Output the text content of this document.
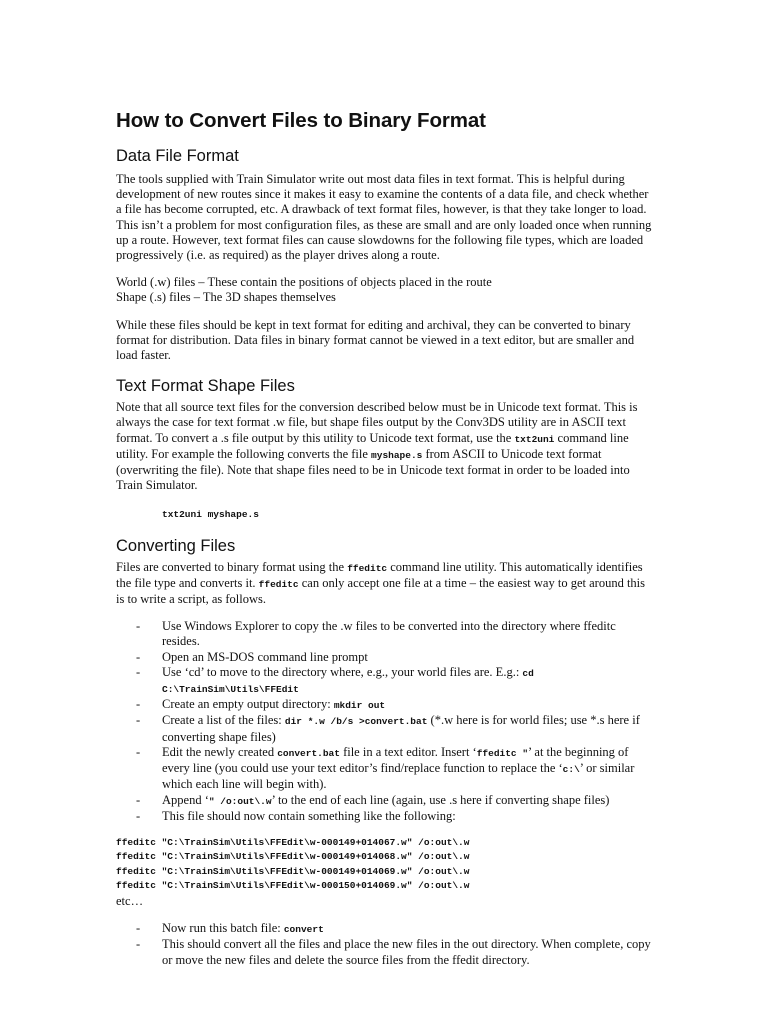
How to Convert Files to Binary Format
Data File Format

The tools supplied with Train Simulator write out most data files in text format. This is helpful during development of new routes since it makes it easy to examine the contents of a data file, and check whether a file has become corrupted, etc. A drawback of text format files, however, is that they take longer to load. This isn’t a problem for most configuration files, as these are small and are only loaded once when running up a route. However, text format files can cause slowdowns for the following file types, which are loaded progressively (i.e. as required) as the player drives along a route.

World (.w) files – These contain the positions of objects placed in the route
Shape (.s) files – The 3D shapes themselves

While these files should be kept in text format for editing and archival, they can be converted to binary format for distribution. Data files in binary format cannot be viewed in a text editor, but are smaller and load faster.

Text Format Shape Files

Note that all source text files for the conversion described below must be in Unicode text format. This is always the case for text format .w file, but shape files output by the Conv3DS utility are in ASCII text format. To convert a .s file output by this utility to Unicode text format, use the txt2uni command line utility. For example the following converts the file myshape.s from ASCII to Unicode text format (overwriting the file). Note that shape files need to be in Unicode text format in order to be loaded into Train Simulator.

txt2uni myshape.s

Converting Files

Files are converted to binary format using the ffeditc command line utility. This automatically identifies the file type and converts it. ffeditc can only accept one file at a time – the easiest way to get around this is to write a script, as follows.

- Use Windows Explorer to copy the .w files to be converted into the directory where ffeditc resides.
- Open an MS-DOS command line prompt
- Use ‘cd’ to move to the directory where, e.g., your world files are. E.g.: cd C:\TrainSim\Utils\FFEdit
- Create an empty output directory: mkdir out
- Create a list of the files: dir *.w /b/s >convert.bat (*.w here is for world files; use *.s here if converting shape files)
- Edit the newly created convert.bat file in a text editor. Insert ‘ffeditc "’ at the beginning of every line (you could use your text editor’s find/replace function to replace the ‘c:\’ or similar which each line will begin with).
- Append ‘" /o:out\.w’ to the end of each line (again, use .s here if converting shape files)
- This file should now contain something like the following:
ffeditc "C:\TrainSim\Utils\FFEdit\w-000149+014067.w" /o:out\.w
ffeditc "C:\TrainSim\Utils\FFEdit\w-000149+014068.w" /o:out\.w
ffeditc "C:\TrainSim\Utils\FFEdit\w-000149+014069.w" /o:out\.w
ffeditc "C:\TrainSim\Utils\FFEdit\w-000150+014069.w" /o:out\.w

etc…

- Now run this batch file: convert
- This should convert all the files and place the new files in the out directory. When complete, copy or move the new files and delete the source files from the ffedit directory.
